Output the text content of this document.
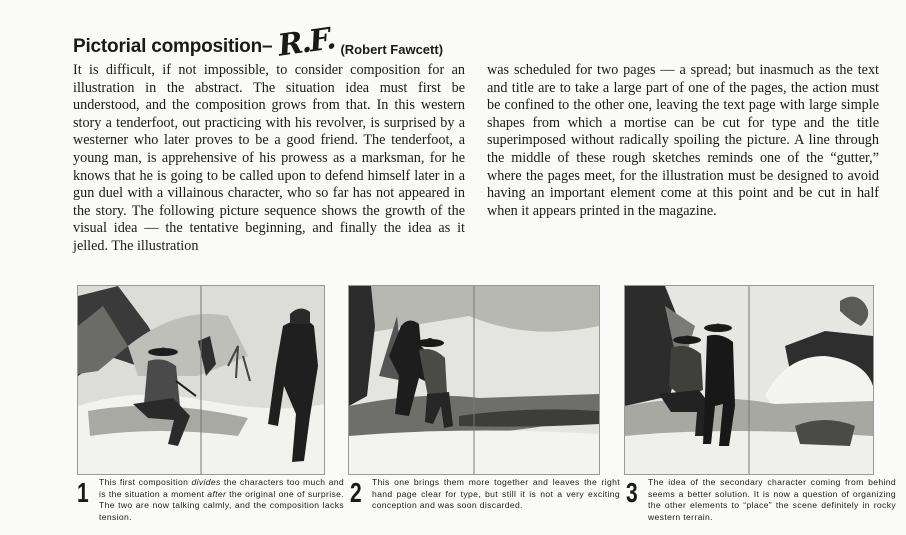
Pictorial composition– R.F. (Robert Fawcett)
It is difficult, if not impossible, to consider composition for an illustration in the abstract. The situation idea must first be understood, and the composition grows from that. In this western story a tenderfoot, out practicing with his revolver, is surprised by a westerner who later proves to be a good friend. The tenderfoot, a young man, is apprehensive of his prowess as a marksman, for he knows that he is going to be called upon to defend himself later in a gun duel with a villainous character, who so far has not appeared in the story. The following picture sequence shows the growth of the visual idea — the tentative beginning, and finally the idea as it jelled. The illustration
was scheduled for two pages — a spread; but inasmuch as the text and title are to take a large part of one of the pages, the action must be confined to the other one, leaving the text page with large simple shapes from which a mortise can be cut for type and the title superimposed without radically spoiling the picture. A line through the middle of these rough sketches reminds one of the “gutter,” where the pages meet, for the illustration must be designed to avoid having an important element come at this point and be cut in half when it appears printed in the magazine.
1 This first composition divides the characters too much and is the situation a moment after the original one of surprise. The two are now talking calmly, and the composition lacks tension.
2 This one brings them more together and leaves the right hand page clear for type, but still it is not a very exciting conception and was soon discarded.	3 The idea of the secondary character coming from behind seems a better solution. It is now a question of organizing the other elements to “place” the scene definitely in rocky western terrain.
